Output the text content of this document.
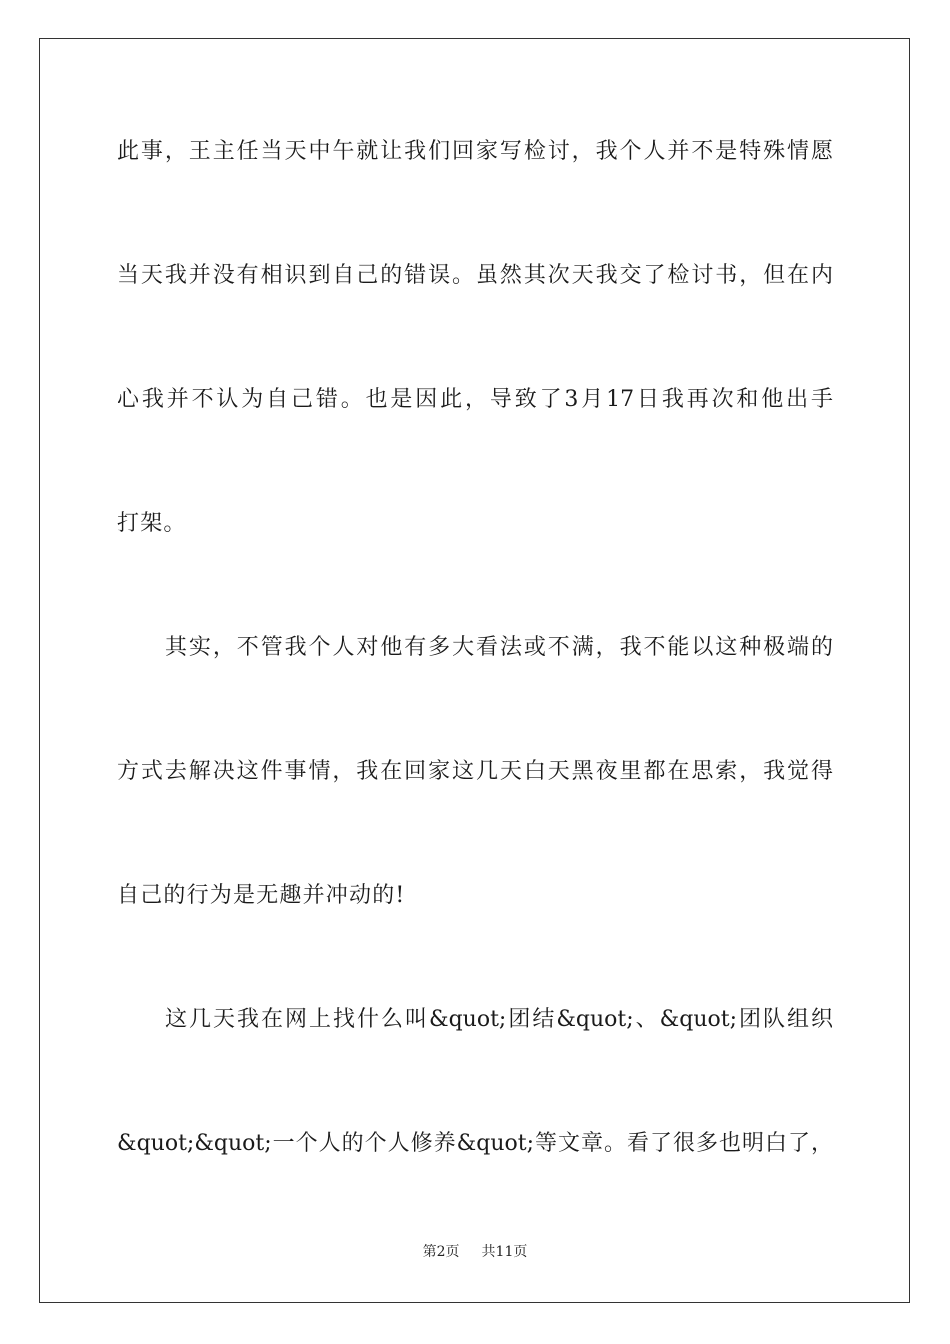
此事，王主任当天中午就让我们回家写检讨，我个人并不是特殊情愿
当天我并没有相识到自己的错误。虽然其次天我交了检讨书，但在内
心我并不认为自己错。也是因此，导致了3月17日我再次和他出手
打架。
其实，不管我个人对他有多大看法或不满，我不能以这种极端的
方式去解决这件事情，我在回家这几天白天黑夜里都在思索，我觉得
自己的行为是无趣并冲动的!
这几天我在网上找什么叫&quot;团结&quot;、&quot;团队组织
&quot;&quot;一个人的个人修养&quot;等文章。看了很多也明白了，
第2页 共11页
